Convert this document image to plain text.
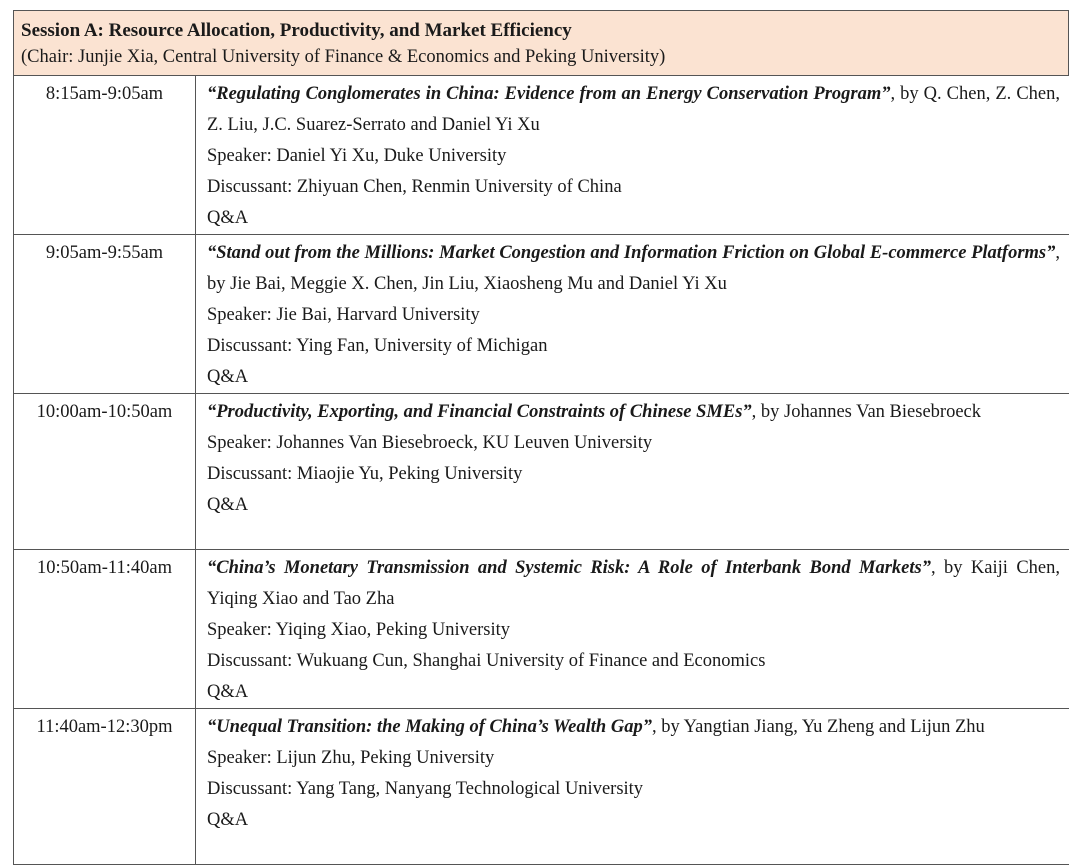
Session A: Resource Allocation, Productivity, and Market Efficiency
(Chair: Junjie Xia, Central University of Finance & Economics and Peking University)
8:15am-9:05am	“Regulating Conglomerates in China: Evidence from an Energy Conservation Program”, by Q. Chen, Z. Chen, Z. Liu, J.C. Suarez-Serrato and Daniel Yi Xu
Speaker: Daniel Yi Xu, Duke University
Discussant: Zhiyuan Chen, Renmin University of China
Q&A

9:05am-9:55am	“Stand out from the Millions: Market Congestion and Information Friction on Global E-commerce Platforms”, by Jie Bai, Meggie X. Chen, Jin Liu, Xiaosheng Mu and Daniel Yi Xu
Speaker: Jie Bai, Harvard University
Discussant: Ying Fan, University of Michigan
Q&A

10:00am-10:50am	“Productivity, Exporting, and Financial Constraints of Chinese SMEs”, by Johannes Van Biesebroeck
Speaker: Johannes Van Biesebroeck, KU Leuven University
Discussant: Miaojie Yu, Peking University
Q&A

10:50am-11:40am	“China’s Monetary Transmission and Systemic Risk: A Role of Interbank Bond Markets”, by Kaiji Chen, Yiqing Xiao and Tao Zha
Speaker: Yiqing Xiao, Peking University
Discussant: Wukuang Cun, Shanghai University of Finance and Economics
Q&A

11:40am-12:30pm	“Unequal Transition: the Making of China’s Wealth Gap”, by Yangtian Jiang, Yu Zheng and Lijun Zhu
Speaker: Lijun Zhu, Peking University
Discussant: Yang Tang, Nanyang Technological University
Q&A
